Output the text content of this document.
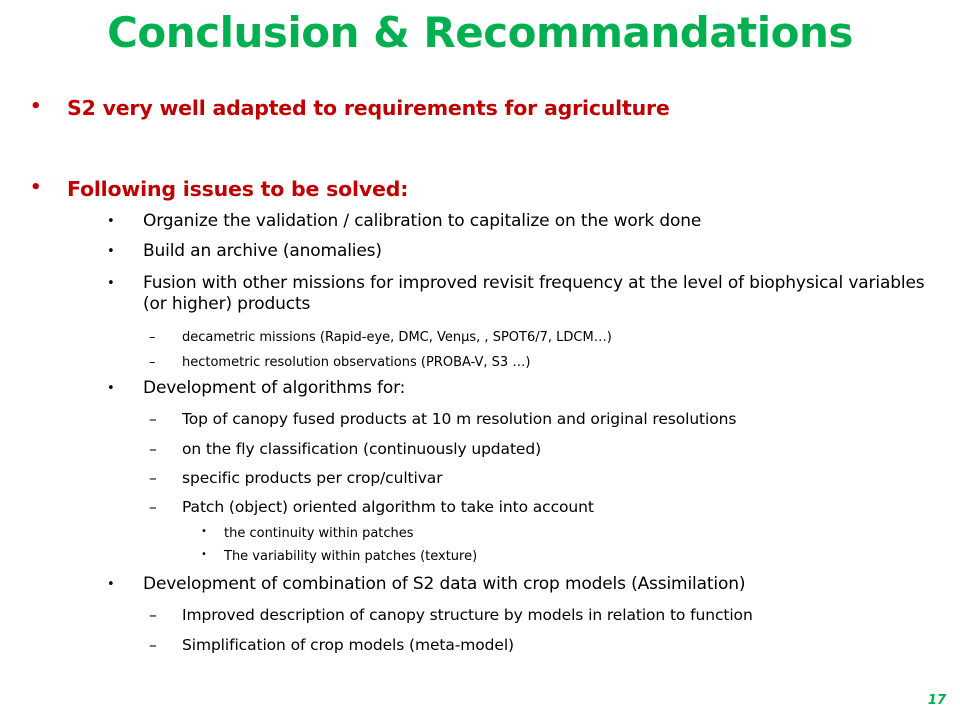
Conclusion & Recommandations
• S2 very well adapted to requirements for agriculture
• Following issues to be solved:
• Organize the validation / calibration to capitalize on the work done
• Build an archive (anomalies)
• Fusion with other missions for improved revisit frequency at the level of biophysical variables (or higher) products
– decametric missions (Rapid-eye, DMC, Venµs, , SPOT6/7, LDCM…)
– hectometric resolution observations (PROBA-V, S3 …)
• Development of algorithms for:
– Top of canopy fused products at 10 m resolution and original resolutions
– on the fly classification (continuously updated)
– specific products per crop/cultivar
– Patch (object) oriented algorithm to take into account
• the continuity within patches
• The variability within patches (texture)
• Development of combination of S2 data with crop models (Assimilation)
– Improved description of canopy structure by models in relation to function
– Simplification of crop models (meta-model)
17
